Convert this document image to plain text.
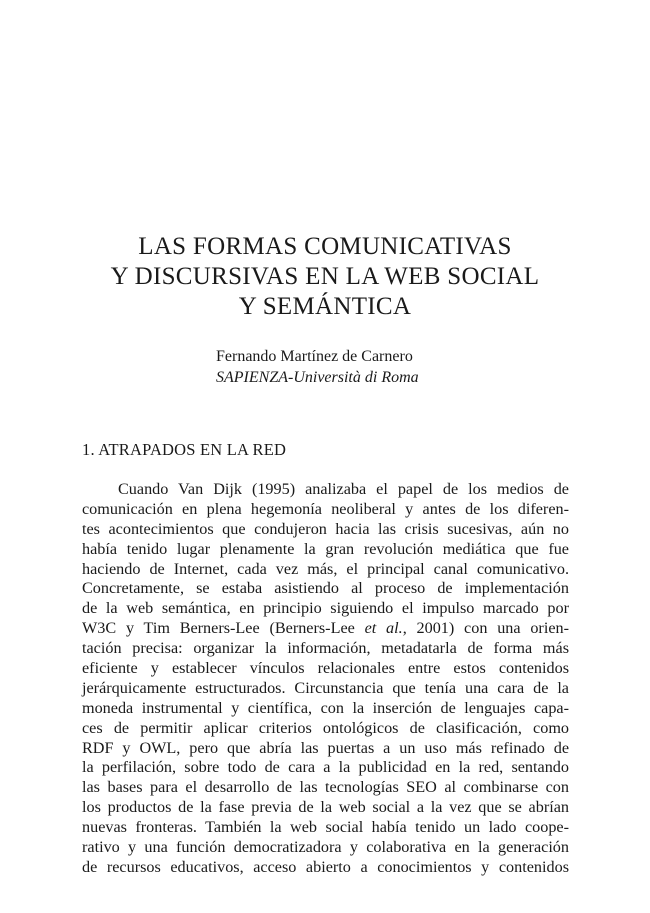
LAS FORMAS COMUNICATIVAS
Y DISCURSIVAS EN LA WEB SOCIAL
Y SEMÁNTICA
Fernando Martínez de Carnero
SAPIENZA-Università di Roma
1. ATRAPADOS EN LA RED
Cuando Van Dijk (1995) analizaba el papel de los medios de
comunicación en plena hegemonía neoliberal y antes de los diferen-
tes acontecimientos que condujeron hacia las crisis sucesivas, aún no
había tenido lugar plenamente la gran revolución mediática que fue
haciendo de Internet, cada vez más, el principal canal comunicativo.
Concretamente, se estaba asistiendo al proceso de implementación
de la web semántica, en principio siguiendo el impulso marcado por
W3C y Tim Berners-Lee (Berners-Lee et al., 2001) con una orien-
tación precisa: organizar la información, metadatarla de forma más
eficiente y establecer vínculos relacionales entre estos contenidos
jerárquicamente estructurados. Circunstancia que tenía una cara de la
moneda instrumental y científica, con la inserción de lenguajes capa-
ces de permitir aplicar criterios ontológicos de clasificación, como
RDF y OWL, pero que abría las puertas a un uso más refinado de
la perfilación, sobre todo de cara a la publicidad en la red, sentando
las bases para el desarrollo de las tecnologías SEO al combinarse con
los productos de la fase previa de la web social a la vez que se abrían
nuevas fronteras. También la web social había tenido un lado coope-
rativo y una función democratizadora y colaborativa en la generación
de recursos educativos, acceso abierto a conocimientos y contenidos
